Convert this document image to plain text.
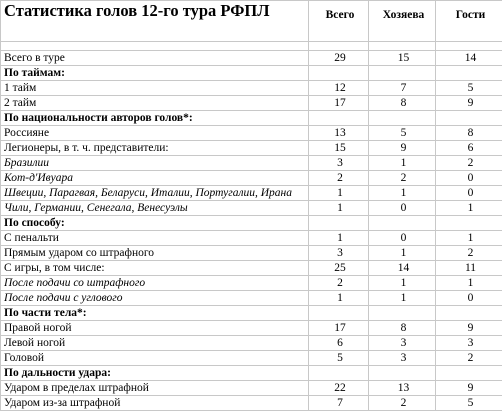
Статистика голов 12-го тура РФПЛ	Всего	Хозяева	Гости

Всего в туре	29	15	14
По таймам:			
1 тайм	12	7	5
2 тайм	17	8	9
По национальности авторов голов*:			
Россияне	13	5	8
Легионеры, в т. ч. представители:	15	9	6
Бразилии	3	1	2
Кот-д'Ивуара	2	2	0
Швеции, Парагвая, Беларуси, Италии, Португалии, Ирана	1	1	0
Чили, Германии, Сенегала, Венесуэлы	1	0	1
По способу:			
С пенальти	1	0	1
Прямым ударом со штрафного	3	1	2
С игры, в том числе:	25	14	11
После подачи со штрафного	2	1	1
После подачи с углового	1	1	0
По части тела*:			
Правой ногой	17	8	9
Левой ногой	6	3	3
Головой	5	3	2
По дальности удара:			
Ударом в пределах штрафной	22	13	9
Ударом из-за штрафной	7	2	5
